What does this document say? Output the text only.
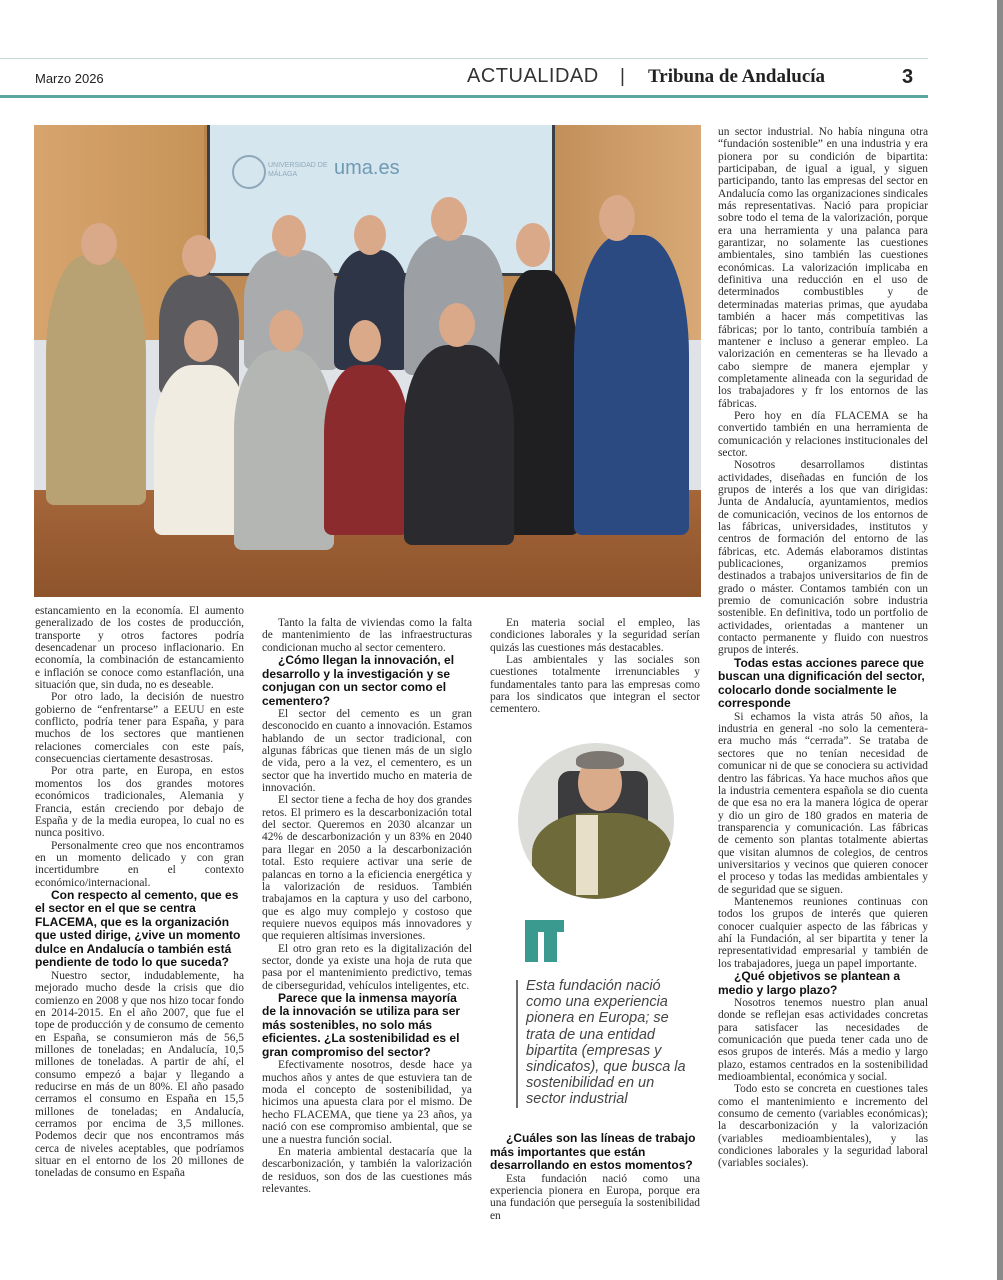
Marzo 2026	ACTUALIDAD | Tribuna de Andalucía	3
UNIVERSIDAD DE MÁLAGA	uma.es

estancamiento en la economía. El aumento generalizado de los costes de producción, transporte y otros factores podría desencadenar un proceso inflacionario. En economía, la combinación de estancamiento e inflación se conoce como estanflación, una situación que, sin duda, no es deseable.

Por otro lado, la decisión de nuestro gobierno de “enfrentarse” a EEUU en este conflicto, podría tener para España, y para muchos de los sectores que mantienen relaciones comerciales con este país, consecuencias ciertamente desastrosas.

Por otra parte, en Europa, en estos momentos los dos grandes motores económicos tradicionales, Alemania y Francia, están creciendo por debajo de España y de la media europea, lo cual no es nunca positivo.

Personalmente creo que nos encontramos en un momento delicado y con gran incertidumbre en el contexto económico/internacional.

Con respecto al cemento, que es el sector en el que se centra FLACEMA, que es la organización que usted dirige, ¿vive un momento dulce en Andalucía o también está pendiente de todo lo que suceda?

Nuestro sector, indudablemente, ha mejorado mucho desde la crisis que dio comienzo en 2008 y que nos hizo tocar fondo en 2014-2015. En el año 2007, que fue el tope de producción y de consumo de cemento en España, se consumieron más de 56,5 millones de toneladas; en Andalucía, 10,5 millones de toneladas. A partir de ahí, el consumo empezó a bajar y llegando a reducirse en más de un 80%. El año pasado cerramos el consumo en España en 15,5 millones de toneladas; en Andalucía, cerramos por encima de 3,5 millones. Podemos decir que nos encontramos más cerca de niveles aceptables, que podríamos situar en el entorno de los 20 millones de toneladas de consumo en España

Tanto la falta de viviendas como la falta de mantenimiento de las infraestructuras condicionan mucho al sector cementero.

¿Cómo llegan la innovación, el desarrollo y la investigación y se conjugan con un sector como el cementero?

El sector del cemento es un gran desconocido en cuanto a innovación. Estamos hablando de un sector tradicional, con algunas fábricas que tienen más de un siglo de vida, pero a la vez, el cementero, es un sector que ha invertido mucho en materia de innovación.

El sector tiene a fecha de hoy dos grandes retos. El primero es la descarbonización total del sector. Queremos en 2030 alcanzar un 42% de descarbonización y un 83% en 2040 para llegar en 2050 a la descarbonización total. Esto requiere activar una serie de palancas en torno a la eficiencia energética y la valorización de residuos. También trabajamos en la captura y uso del carbono, que es algo muy complejo y costoso que requiere nuevos equipos más innovadores y que requieren altísimas inversiones.

El otro gran reto es la digitalización del sector, donde ya existe una hoja de ruta que pasa por el mantenimiento predictivo, temas de ciberseguridad, vehículos inteligentes, etc.

Parece que la inmensa mayoría de la innovación se utiliza para ser más sostenibles, no solo más eficientes. ¿La sostenibilidad es el gran compromiso del sector?

Efectivamente nosotros, desde hace ya muchos años y antes de que estuviera tan de moda el concepto de sostenibilidad, ya hicimos una apuesta clara por el mismo. De hecho FLACEMA, que tiene ya 23 años, ya nació con ese compromiso ambiental, que se une a nuestra función social.

En materia ambiental destacaría que la descarbonización, y también la valorización de residuos, son dos de las cuestiones más relevantes.

En materia social el empleo, las condiciones laborales y la seguridad serían quizás las cuestiones más destacables.

Las ambientales y las sociales son cuestiones totalmente irrenunciables y fundamentales tanto para las empresas como para los sindicatos que integran el sector cementero.

Esta fundación nació como una experiencia pionera en Europa; se trata de una entidad bipartita (empresas y sindicatos), que busca la sostenibilidad en un sector industrial
¿Cuáles son las líneas de trabajo más importantes que están desarrollando en estos momentos?

Esta fundación nació como una experiencia pionera en Europa, porque era una fundación que perseguía la sostenibilidad en

un sector industrial. No había ninguna otra “fundación sostenible” en una industria y era pionera por su condición de bipartita: participaban, de igual a igual, y siguen participando, tanto las empresas del sector en Andalucía como las organizaciones sindicales más representativas. Nació para propiciar sobre todo el tema de la valorización, porque era una herramienta y una palanca para garantizar, no solamente las cuestiones ambientales, sino también las cuestiones económicas. La valorización implicaba en definitiva una reducción en el uso de determinados combustibles y de determinadas materias primas, que ayudaba también a hacer más competitivas las fábricas; por lo tanto, contribuía también a mantener e incluso a generar empleo. La valorización en cementeras se ha llevado a cabo siempre de manera ejemplar y completamente alineada con la seguridad de los trabajadores y fr los entornos de las fábricas.

Pero hoy en día FLACEMA se ha convertido también en una herramienta de comunicación y relaciones institucionales del sector.

Nosotros desarrollamos distintas actividades, diseñadas en función de los grupos de interés a los que van dirigidas: Junta de Andalucía, ayuntamientos, medios de comunicación, vecinos de los entornos de las fábricas, universidades, institutos y centros de formación del entorno de las fábricas, etc. Además elaboramos distintas publicaciones, organizamos premios destinados a trabajos universitarios de fin de grado o máster. Contamos también con un premio de comunicación sobre industria sostenible. En definitiva, todo un portfolio de actividades, orientadas a mantener un contacto permanente y fluido con nuestros grupos de interés.

Todas estas acciones parece que buscan una dignificación del sector, colocarlo donde socialmente le corresponde

Si echamos la vista atrás 50 años, la industria en general -no solo la cementera- era mucho más “cerrada”. Se trataba de sectores que no tenían necesidad de comunicar ni de que se conociera su actividad dentro las fábricas. Ya hace muchos años que la industria cementera española se dio cuenta de que esa no era la manera lógica de operar y dio un giro de 180 grados en materia de transparencia y comunicación. Las fábricas de cemento son plantas totalmente abiertas que visitan alumnos de colegios, de centros universitarios y vecinos que quieren conocer el proceso y todas las medidas ambientales y de seguridad que se siguen.

Mantenemos reuniones continuas con todos los grupos de interés que quieren conocer cualquier aspecto de las fábricas y ahí la Fundación, al ser bipartita y tener la representatividad empresarial y también de los trabajadores, juega un papel importante.

¿Qué objetivos se plantean a medio y largo plazo?

Nosotros tenemos nuestro plan anual donde se reflejan esas actividades concretas para satisfacer las necesidades de comunicación que pueda tener cada uno de esos grupos de interés. Más a medio y largo plazo, estamos centrados en la sostenibilidad medioambiental, económica y social.

Todo esto se concreta en cuestiones tales como el mantenimiento e incremento del consumo de cemento (variables económicas); la descarbonización y la valorización (variables medioambientales), y las condiciones laborales y la seguridad laboral (variables sociales).
